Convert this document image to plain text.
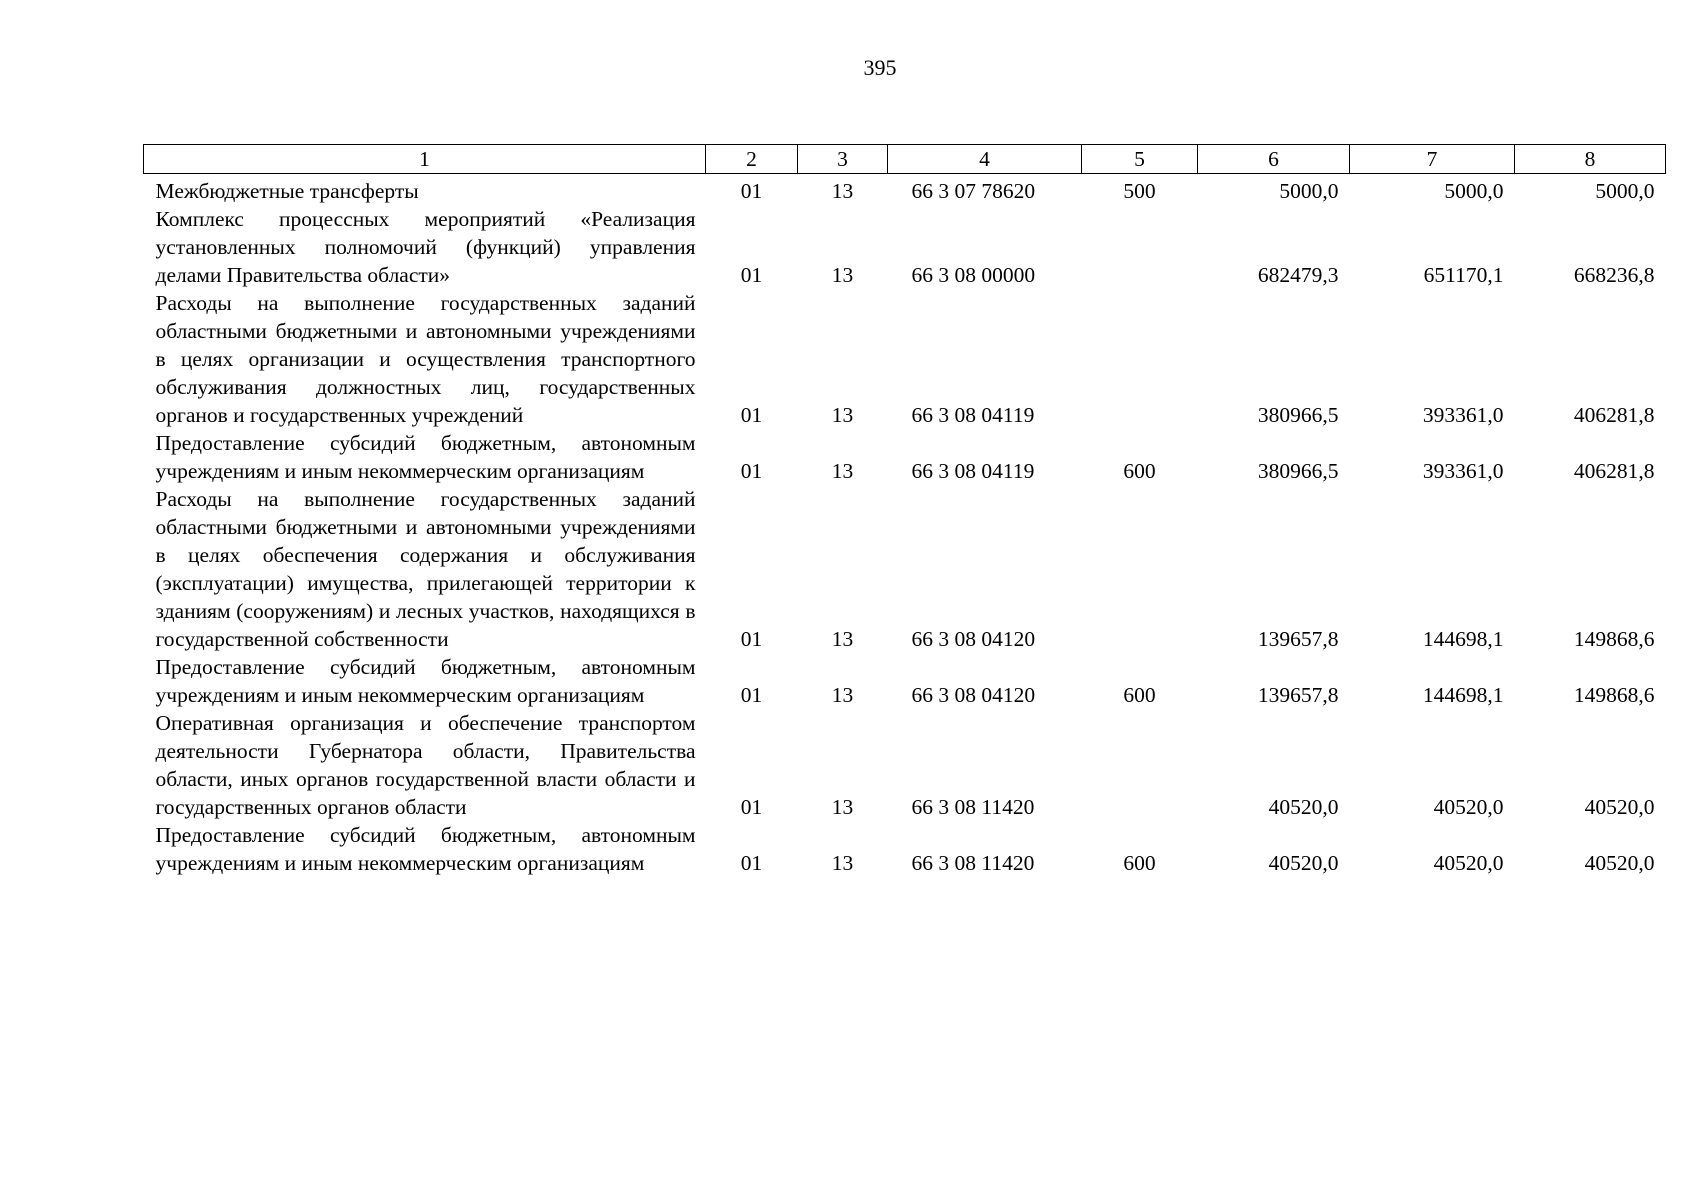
395
1	2	3	4	5	6	7	8
Межбюджетные трансферты	01	13	66 3 07 78620	500	5000,0	5000,0	5000,0
Комплекс процессных мероприятий «Реализация установленных полномочий (функций) управления делами Правительства области»	01	13	66 3 08 00000		682479,3	651170,1	668236,8
Расходы на выполнение государственных заданий областными бюджетными и автономными учреждениями в целях организации и осуществления транспортного обслуживания должностных лиц, государственных органов и государственных учреждений	01	13	66 3 08 04119		380966,5	393361,0	406281,8
Предоставление субсидий бюджетным, автономным учреждениям и иным некоммерческим организациям	01	13	66 3 08 04119	600	380966,5	393361,0	406281,8
Расходы на выполнение государственных заданий областными бюджетными и автономными учреждениями в целях обеспечения содержания и обслуживания (эксплуатации) имущества, прилегающей территории к зданиям (сооружениям) и лесных участков, находящихся в государственной собственности	01	13	66 3 08 04120		139657,8	144698,1	149868,6
Предоставление субсидий бюджетным, автономным учреждениям и иным некоммерческим организациям	01	13	66 3 08 04120	600	139657,8	144698,1	149868,6
Оперативная организация и обеспечение транспортом деятельности Губернатора области, Правительства области, иных органов государственной власти области и государственных органов области	01	13	66 3 08 11420		40520,0	40520,0	40520,0
Предоставление субсидий бюджетным, автономным учреждениям и иным некоммерческим организациям	01	13	66 3 08 11420	600	40520,0	40520,0	40520,0
